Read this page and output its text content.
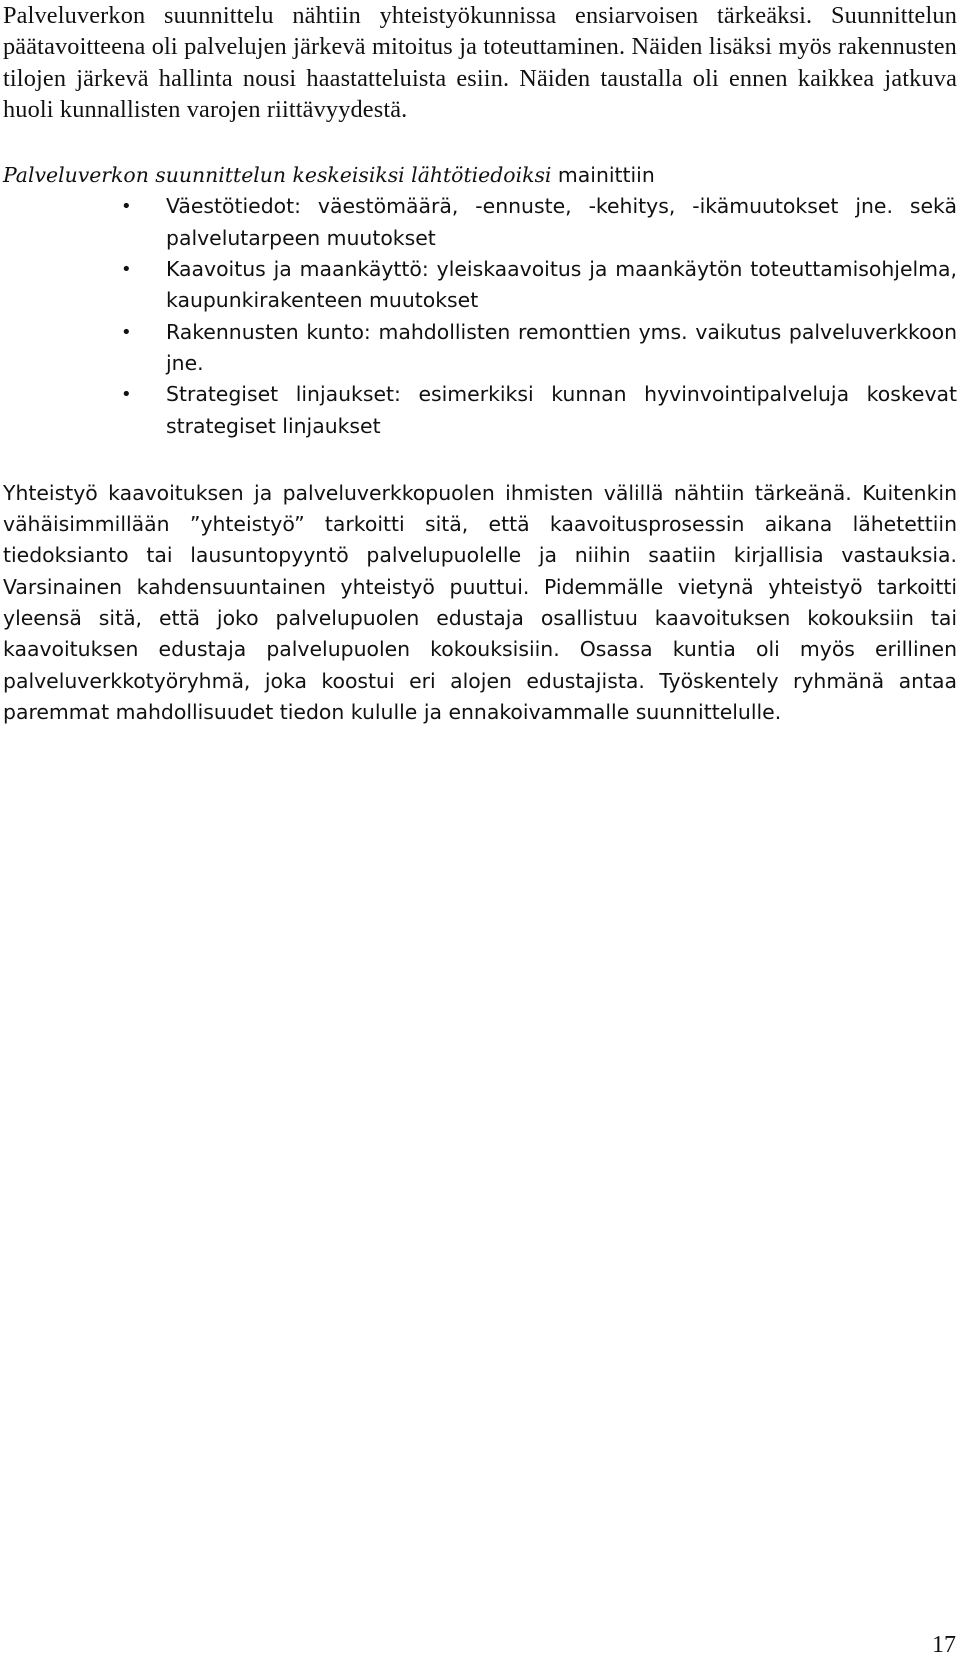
Palveluverkon suunnittelu nähtiin yhteistyökunnissa ensiarvoisen tärkeäksi. Suunnittelun päätavoitteena oli palvelujen järkevä mitoitus ja toteuttaminen. Näiden lisäksi myös rakennusten tilojen järkevä hallinta nousi haastatteluista esiin. Näiden taustalla oli ennen kaikkea jatkuva huoli kunnallisten varojen riittävyydestä.

Palveluverkon suunnittelun keskeisiksi lähtötiedoiksi mainittiin

• Väestötiedot: väestömäärä, -ennuste, -kehitys, -ikämuutokset jne. sekä palvelutarpeen muutokset
• Kaavoitus ja maankäyttö: yleiskaavoitus ja maankäytön toteuttamisohjelma, kaupunkirakenteen muutokset
• Rakennusten kunto: mahdollisten remonttien yms. vaikutus palveluverkkoon jne.
• Strategiset linjaukset: esimerkiksi kunnan hyvinvointipalveluja koskevat strategiset linjaukset

Yhteistyö kaavoituksen ja palveluverkkopuolen ihmisten välillä nähtiin tärkeänä. Kuitenkin vähäisimmillään ”yhteistyö” tarkoitti sitä, että kaavoitusprosessin aikana lähetettiin tiedoksianto tai lausuntopyyntö palvelupuolelle ja niihin saatiin kirjallisia vastauksia. Varsinainen kahdensuuntainen yhteistyö puuttui. Pidemmälle vietynä yhteistyö tarkoitti yleensä sitä, että joko palvelupuolen edustaja osallistuu kaavoituksen kokouksiin tai kaavoituksen edustaja palvelupuolen kokouksisiin. Osassa kuntia oli myös erillinen palveluverkkotyöryhmä, joka koostui eri alojen edustajista. Työskentely ryhmänä antaa paremmat mahdollisuudet tiedon kululle ja ennakoivammalle suunnittelulle.

17
